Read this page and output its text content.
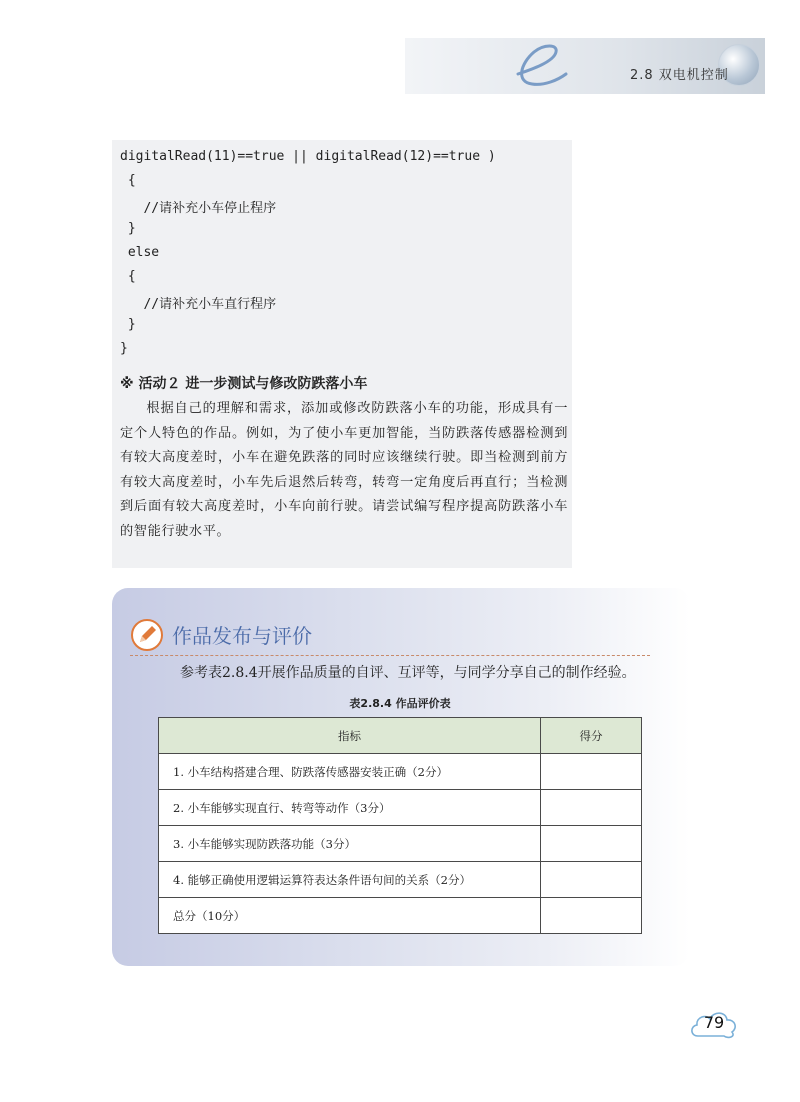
2.8 双电机控制
digitalRead(11)==true || digitalRead(12)==true )
{
//请补充小车停止程序
}
else
{
//请补充小车直行程序
}
}
※ 活动２ 进一步测试与修改防跌落小车
根据自己的理解和需求，添加或修改防跌落小车的功能，形成具有一定个人特色的作品。例如，为了使小车更加智能，当防跌落传感器检测到有较大高度差时，小车在避免跌落的同时应该继续行驶。即当检测到前方有较大高度差时，小车先后退然后转弯，转弯一定角度后再直行；当检测到后面有较大高度差时，小车向前行驶。请尝试编写程序提高防跌落小车的智能行驶水平。
作品发布与评价
参考表2.8.4开展作品质量的自评、互评等，与同学分享自己的制作经验。
表2.8.4 作品评价表
指标	得分
1. 小车结构搭建合理、防跌落传感器安装正确（2分）	
2. 小车能够实现直行、转弯等动作（3分）	
3. 小车能够实现防跌落功能（3分）	
4. 能够正确使用逻辑运算符表达条件语句间的关系（2分）	
总分（10分）	
79
